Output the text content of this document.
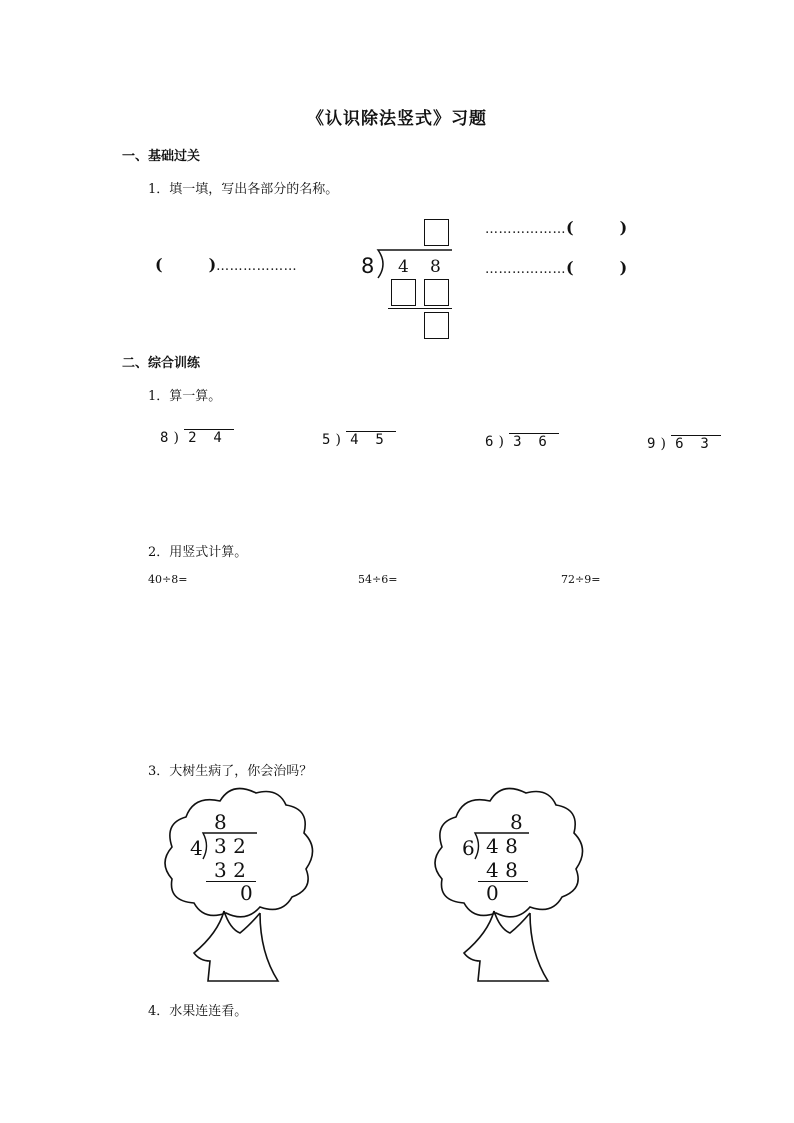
《认识除法竖式》习题
一、基础过关
1．填一填，写出各部分的名称。
(	)………………	8 4 8
………………(	)
………………(	)
二、综合训练
1．算一算。
8 ) 2 4	5 ) 4 5	6 ) 3 6	9 ) 6 3
2．用竖式计算。
40÷8=	54÷6=	72÷9=
3．大树生病了，你会治吗？
8
4 3 2
3 2
0
8
6 4 8
4 8
0
4．水果连连看。
